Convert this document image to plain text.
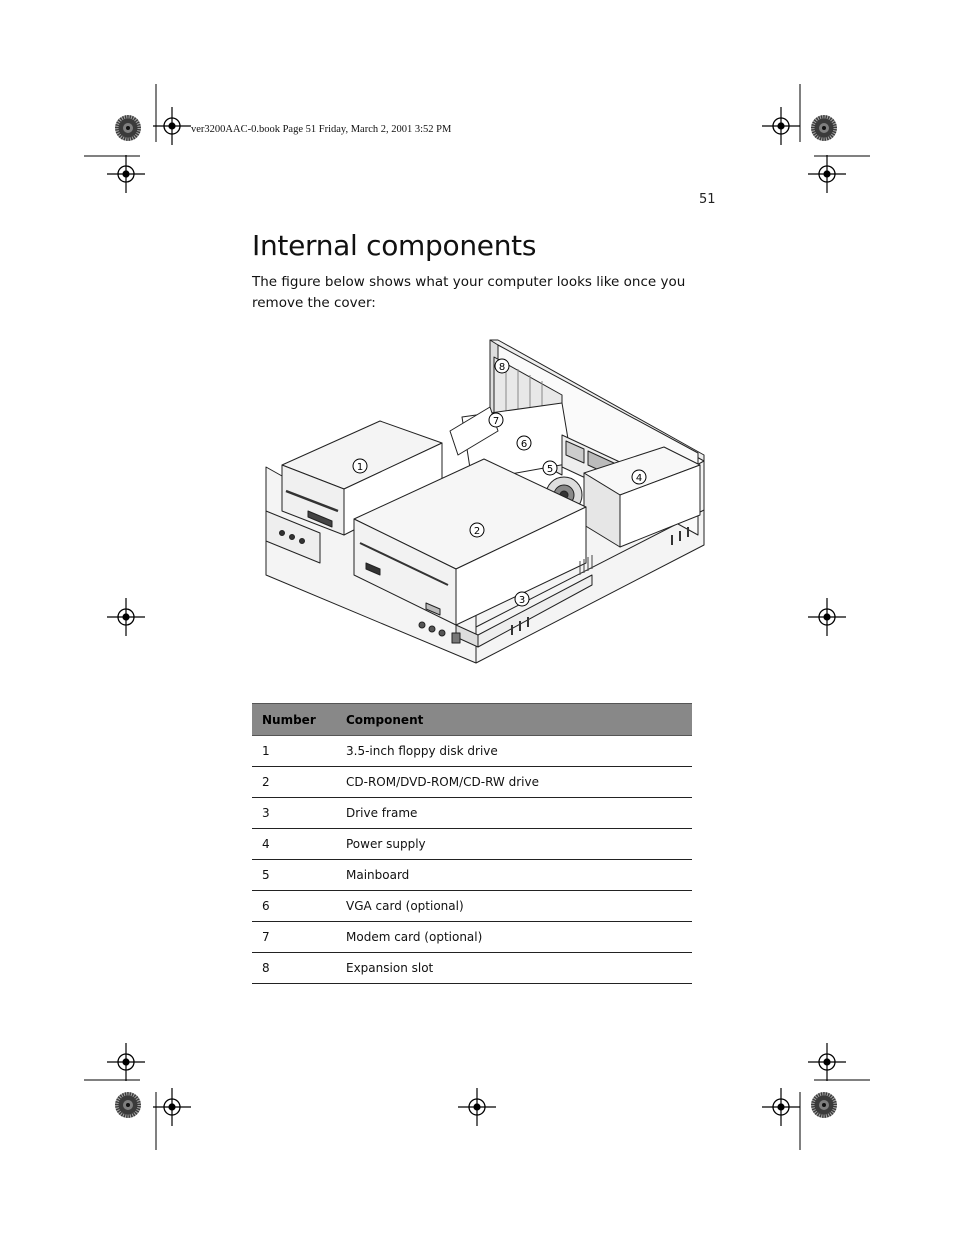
ver3200AAC-0.book Page 51 Friday, March 2, 2001 3:52 PM
51
Internal components

The figure below shows what your computer looks like once you remove the cover:

1
2
3
4
5
6
7
8
Number	Component
1	3.5-inch floppy disk drive
2	CD-ROM/DVD-ROM/CD-RW drive
3	Drive frame
4	Power supply
5	Mainboard
6	VGA card (optional)
7	Modem card (optional)
8	Expansion slot
